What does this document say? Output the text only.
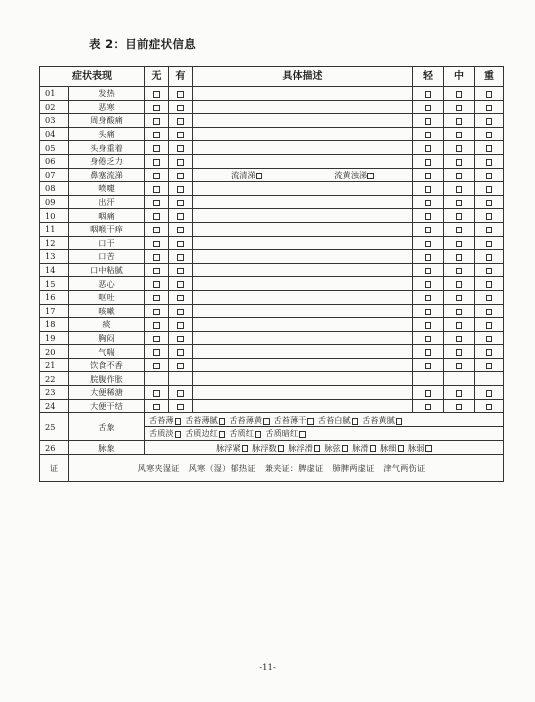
表 2：目前症状信息
症状表现		无	有	具体描述	轻	中	重
01	发热						
02	恶寒						
03	周身酸痛						
04	头痛						
05	头身重着						
06	身倦乏力						
07	鼻塞流涕			流清涕 流黄浊涕			
08	喷嚏						
09	出汗						
10	咽痛						
11	咽喉干痒						
12	口干						
13	口苦						
14	口中粘腻						
15	恶心						
16	呕吐						
17	咳嗽						
18	痰						
19	胸闷						
20	气喘						
21	饮食不香						
22	脘腹作胀						
23	大便稀溏						
24	大便干结						
25	舌象	舌苔薄 舌苔薄腻 舌苔薄黄 舌苔薄干 舌苔白腻 舌苔黄腻
舌质淡 舌质边红 舌质红 舌质暗红					

26	脉象	脉浮紧 脉浮数 脉浮滑 脉弦 脉滑 脉细 脉弱					
证	风寒夹湿证 风寒（湿）郁热证 兼夹证：脾虚证 肺脾两虚证 津气两伤证						
-11-
